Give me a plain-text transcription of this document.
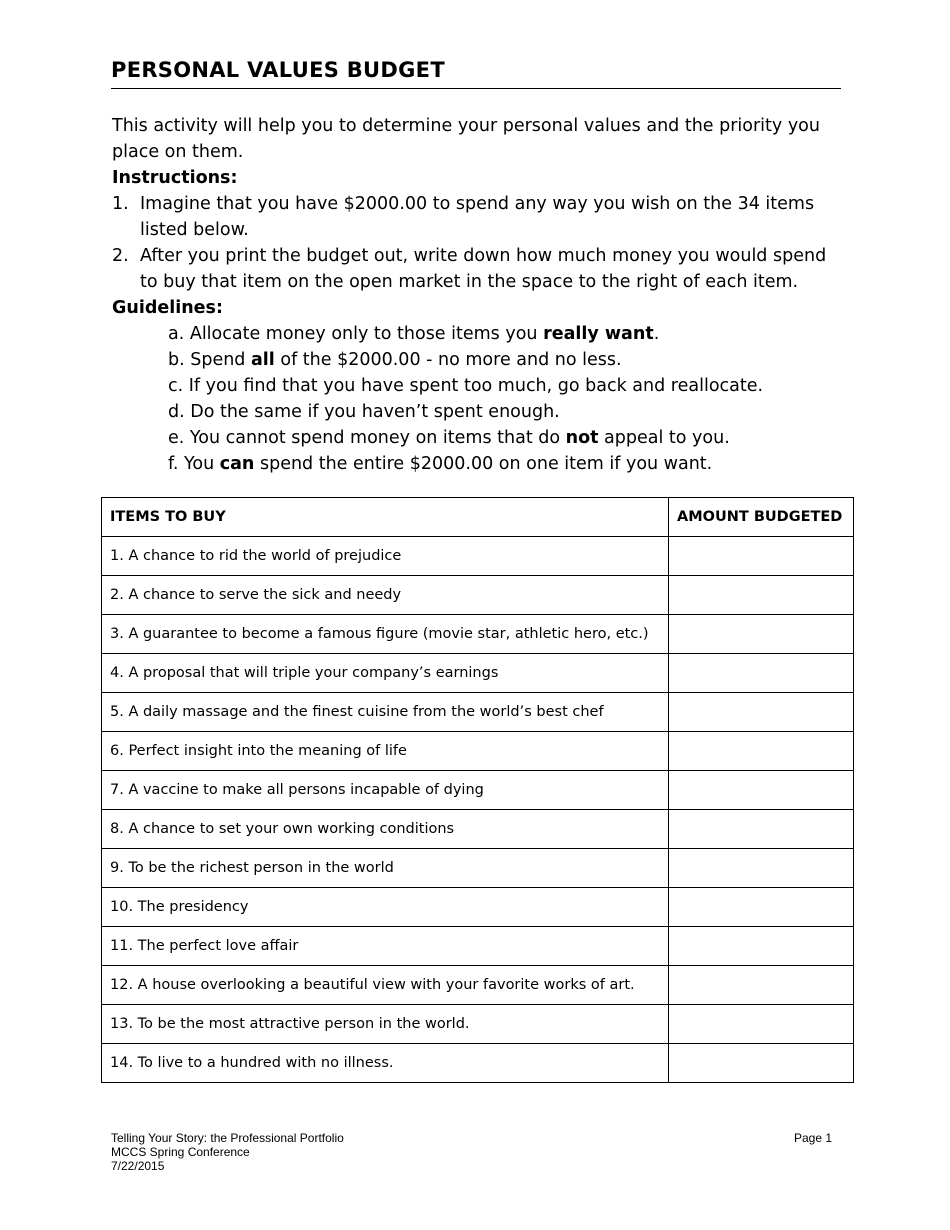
PERSONAL VALUES BUDGET

This activity will help you to determine your personal values and the priority you place on them.

Instructions:

1. Imagine that you have $2000.00 to spend any way you wish on the 34 items listed below.
2. After you print the budget out, write down how much money you would spend to buy that item on the open market in the space to the right of each item.

Guidelines:

a. Allocate money only to those items you really want.
b. Spend all of the $2000.00 - no more and no less.
c. If you find that you have spent too much, go back and reallocate.
d. Do the same if you haven’t spent enough.
e. You cannot spend money on items that do not appeal to you.
f. You can spend the entire $2000.00 on one item if you want.
ITEMS TO BUY	AMOUNT BUDGETED
1. A chance to rid the world of prejudice	
2. A chance to serve the sick and needy	
3. A guarantee to become a famous figure (movie star, athletic hero, etc.)	
4. A proposal that will triple your company’s earnings	
5. A daily massage and the finest cuisine from the world’s best chef	
6. Perfect insight into the meaning of life	
7. A vaccine to make all persons incapable of dying	
8. A chance to set your own working conditions	
9. To be the richest person in the world	
10. The presidency	
11. The perfect love affair	
12. A house overlooking a beautiful view with your favorite works of art.	
13. To be the most attractive person in the world.	
14. To live to a hundred with no illness.	
Telling Your Story: the Professional Portfolio
MCCS Spring Conference
7/22/2015
Page 1
